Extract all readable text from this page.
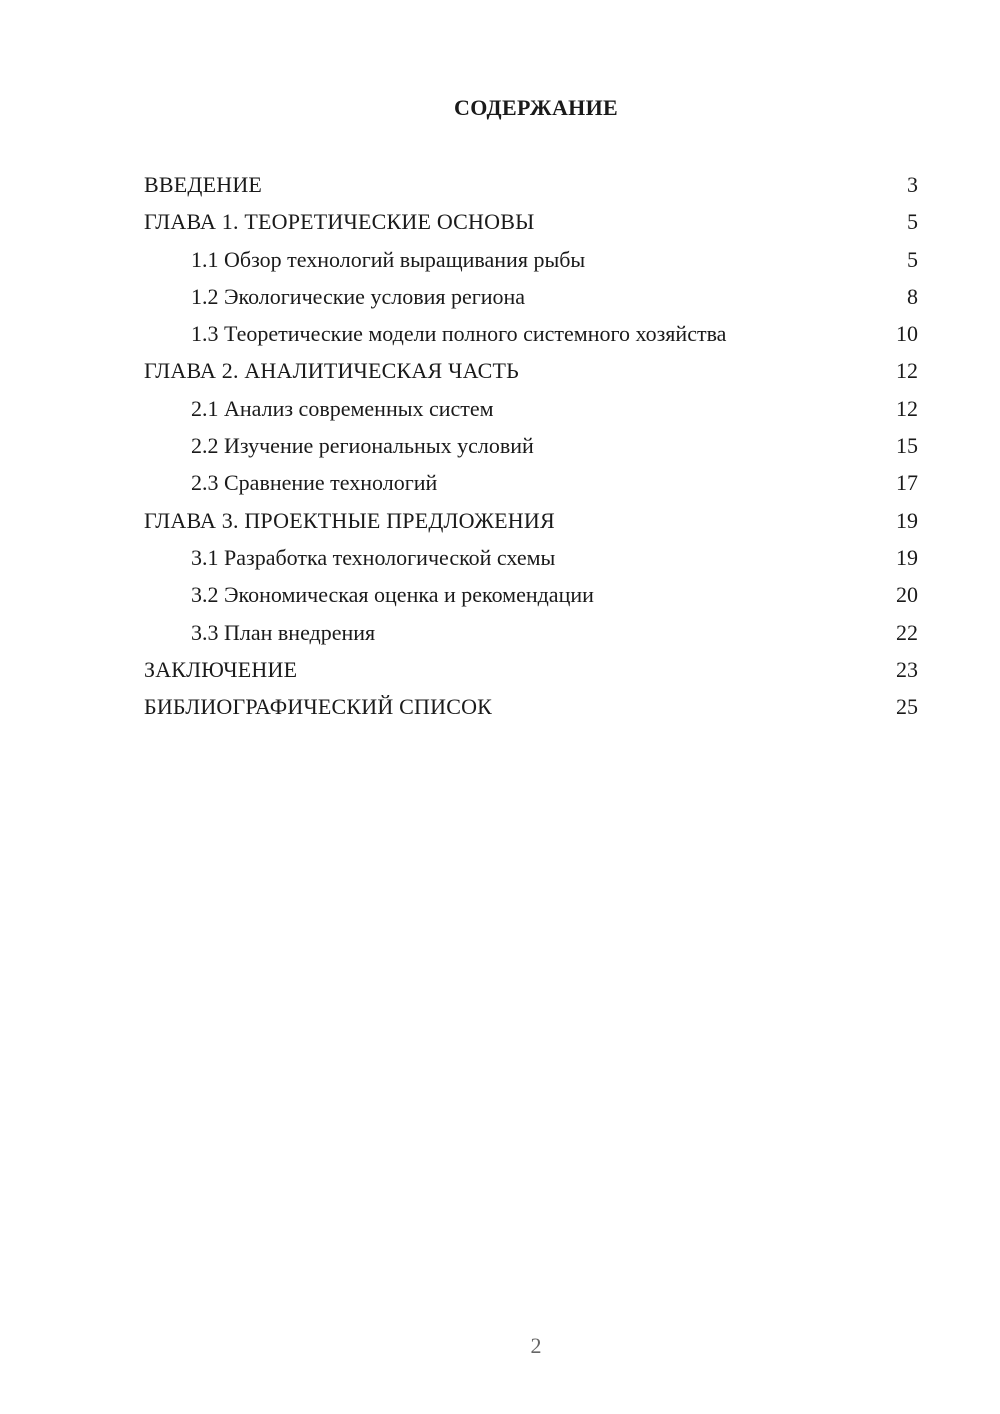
СОДЕРЖАНИЕ
ВВЕДЕНИЕ	3
ГЛАВА 1. ТЕОРЕТИЧЕСКИЕ ОСНОВЫ	5
1.1 Обзор технологий выращивания рыбы	5
1.2 Экологические условия региона	8
1.3 Теоретические модели полного системного хозяйства	10
ГЛАВА 2. АНАЛИТИЧЕСКАЯ ЧАСТЬ	12
2.1 Анализ современных систем	12
2.2 Изучение региональных условий	15
2.3 Сравнение технологий	17
ГЛАВА 3. ПРОЕКТНЫЕ ПРЕДЛОЖЕНИЯ	19
3.1 Разработка технологической схемы	19
3.2 Экономическая оценка и рекомендации	20
3.3 План внедрения	22
ЗАКЛЮЧЕНИЕ	23
БИБЛИОГРАФИЧЕСКИЙ СПИСОК	25
2
